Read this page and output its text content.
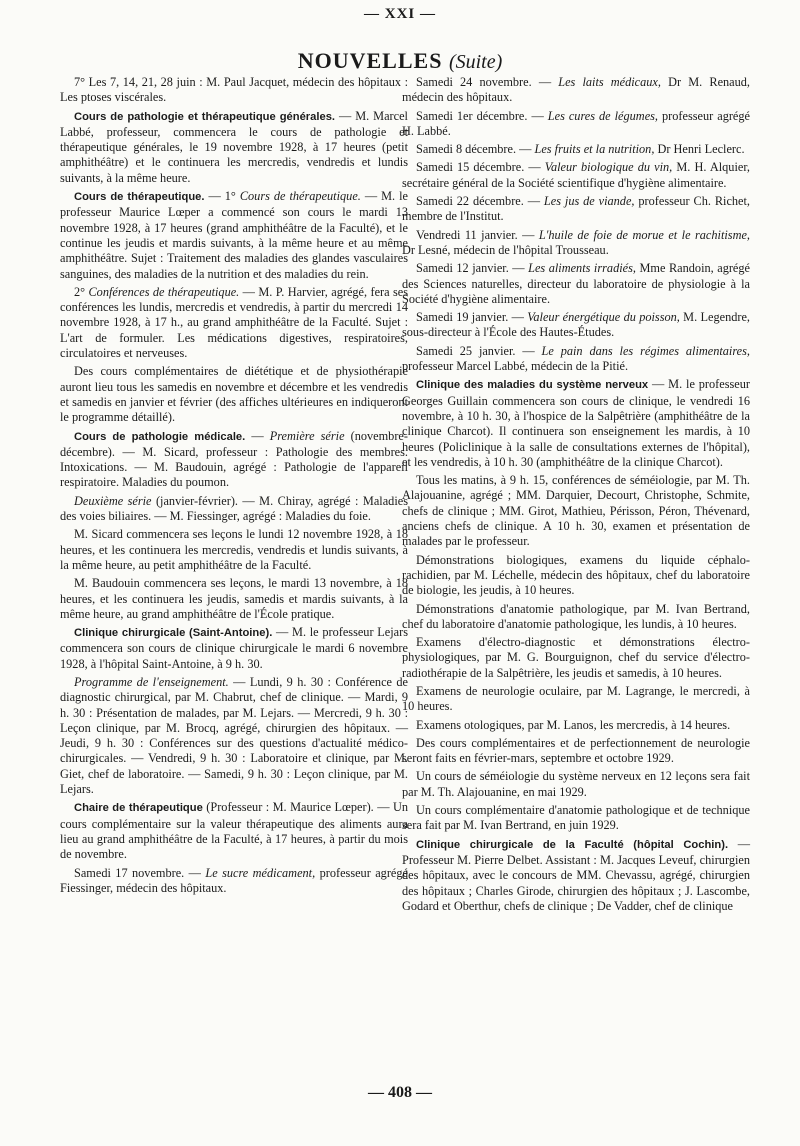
— XXI —
NOUVELLES (Suite)

7° Les 7, 14, 21, 28 juin : M. Paul Jacquet, médecin des hôpitaux : Les ptoses viscérales.

Cours de pathologie et thérapeutique générales. — M. Marcel Labbé, professeur, commencera le cours de pathologie et thérapeutique générales, le 19 novembre 1928, à 17 heures (petit amphithéâtre) et le continuera les mercredis, vendredis et lundis suivants, à la même heure.

Cours de thérapeutique. — 1° Cours de thérapeutique. — M. le professeur Maurice Lœper a commencé son cours le mardi 13 novembre 1928, à 17 heures (grand amphithéâtre de la Faculté), et le continue les jeudis et mardis suivants, à la même heure et au même amphithéâtre. Sujet : Traitement des maladies des glandes vasculaires sanguines, des maladies de la nutrition et des maladies du rein.

2° Conférences de thérapeutique. — M. P. Harvier, agrégé, fera ses conférences les lundis, mercredis et vendredis, à partir du mercredi 14 novembre 1928, à 17 h., au grand amphithéâtre de la Faculté. Sujet : L'art de formuler. Les médications digestives, respiratoires, circulatoires et nerveuses.

Des cours complémentaires de diététique et de physiothérapie auront lieu tous les samedis en novembre et décembre et les vendredis et samedis en janvier et février (des affiches ultérieures en indiqueront le programme détaillé).

Cours de pathologie médicale. — Première série (novembre-décembre). — M. Sicard, professeur : Pathologie des membres. Intoxications. — M. Baudouin, agrégé : Pathologie de l'appareil respiratoire. Maladies du poumon.

Deuxième série (janvier-février). — M. Chiray, agrégé : Maladies des voies biliaires. — M. Fiessinger, agrégé : Maladies du foie.

M. Sicard commencera ses leçons le lundi 12 novembre 1928, à 18 heures, et les continuera les mercredis, vendredis et lundis suivants, à la même heure, au petit amphithéâtre de la Faculté.

M. Baudouin commencera ses leçons, le mardi 13 novembre, à 18 heures, et les continuera les jeudis, samedis et mardis suivants, à la même heure, au grand amphithéâtre de l'École pratique.

Clinique chirurgicale (Saint-Antoine). — M. le professeur Lejars commencera son cours de clinique chirurgicale le mardi 6 novembre 1928, à l'hôpital Saint-Antoine, à 9 h. 30.

Programme de l'enseignement. — Lundi, 9 h. 30 : Conférence de diagnostic chirurgical, par M. Chabrut, chef de clinique. — Mardi, 9 h. 30 : Présentation de malades, par M. Lejars. — Mercredi, 9 h. 30 : Leçon clinique, par M. Brocq, agrégé, chirurgien des hôpitaux. — Jeudi, 9 h. 30 : Conférences sur des questions d'actualité médico-chirurgicales. — Vendredi, 9 h. 30 : Laboratoire et clinique, par M. Giet, chef de laboratoire. — Samedi, 9 h. 30 : Leçon clinique, par M. Lejars.

Chaire de thérapeutique (Professeur : M. Maurice Lœper). — Un cours complémentaire sur la valeur thérapeutique des aliments aura lieu au grand amphithéâtre de la Faculté, à 17 heures, à partir du mois de novembre.

Samedi 17 novembre. — Le sucre médicament, professeur agrégé Fiessinger, médecin des hôpitaux.

Samedi 24 novembre. — Les laits médicaux, Dr M. Renaud, médecin des hôpitaux.

Samedi 1er décembre. — Les cures de légumes, professeur agrégé H. Labbé.

Samedi 8 décembre. — Les fruits et la nutrition, Dr Henri Leclerc.

Samedi 15 décembre. — Valeur biologique du vin, M. H. Alquier, secrétaire général de la Société scientifique d'hygiène alimentaire.

Samedi 22 décembre. — Les jus de viande, professeur Ch. Richet, membre de l'Institut.

Vendredi 11 janvier. — L'huile de foie de morue et le rachitisme, Dr Lesné, médecin de l'hôpital Trousseau.

Samedi 12 janvier. — Les aliments irradiés, Mme Randoin, agrégé des Sciences naturelles, directeur du laboratoire de physiologie à la Société d'hygiène alimentaire.

Samedi 19 janvier. — Valeur énergétique du poisson, M. Legendre, sous-directeur à l'École des Hautes-Études.

Samedi 25 janvier. — Le pain dans les régimes alimentaires, professeur Marcel Labbé, médecin de la Pitié.

Clinique des maladies du système nerveux — M. le professeur Georges Guillain commencera son cours de clinique, le vendredi 16 novembre, à 10 h. 30, à l'hospice de la Salpêtrière (amphithéâtre de la clinique Charcot). Il continuera son enseignement les mardis, à 10 heures (Policlinique à la salle de consultations externes de l'hôpital), et les vendredis, à 10 h. 30 (amphithéâtre de la clinique Charcot).

Tous les matins, à 9 h. 15, conférences de séméiologie, par M. Th. Alajouanine, agrégé ; MM. Darquier, Decourt, Christophe, Schmite, chefs de clinique ; MM. Girot, Mathieu, Périsson, Péron, Thévenard, anciens chefs de clinique. A 10 h. 30, examen et présentation de malades par le professeur.

Démonstrations biologiques, examens du liquide céphalo-rachidien, par M. Léchelle, médecin des hôpitaux, chef du laboratoire de biologie, les jeudis, à 10 heures.

Démonstrations d'anatomie pathologique, par M. Ivan Bertrand, chef du laboratoire d'anatomie pathologique, les lundis, à 10 heures.

Examens d'électro-diagnostic et démonstrations électro-physiologiques, par M. G. Bourguignon, chef du service d'électro-radiothérapie de la Salpêtrière, les jeudis et samedis, à 10 heures.

Examens de neurologie oculaire, par M. Lagrange, le mercredi, à 10 heures.

Examens otologiques, par M. Lanos, les mercredis, à 14 heures.

Des cours complémentaires et de perfectionnement de neurologie seront faits en février-mars, septembre et octobre 1929.

Un cours de séméiologie du système nerveux en 12 leçons sera fait par M. Th. Alajouanine, en mai 1929.

Un cours complémentaire d'anatomie pathologique et de technique sera fait par M. Ivan Bertrand, en juin 1929.

Clinique chirurgicale de la Faculté (hôpital Cochin). — Professeur M. Pierre Delbet. Assistant : M. Jacques Leveuf, chirurgien des hôpitaux, avec le concours de MM. Chevassu, agrégé, chirurgien des hôpitaux ; Charles Girode, chirurgien des hôpitaux ; J. Lascombe, Godard et Oberthur, chefs de clinique ; De Vadder, chef de clinique

— 408 —
